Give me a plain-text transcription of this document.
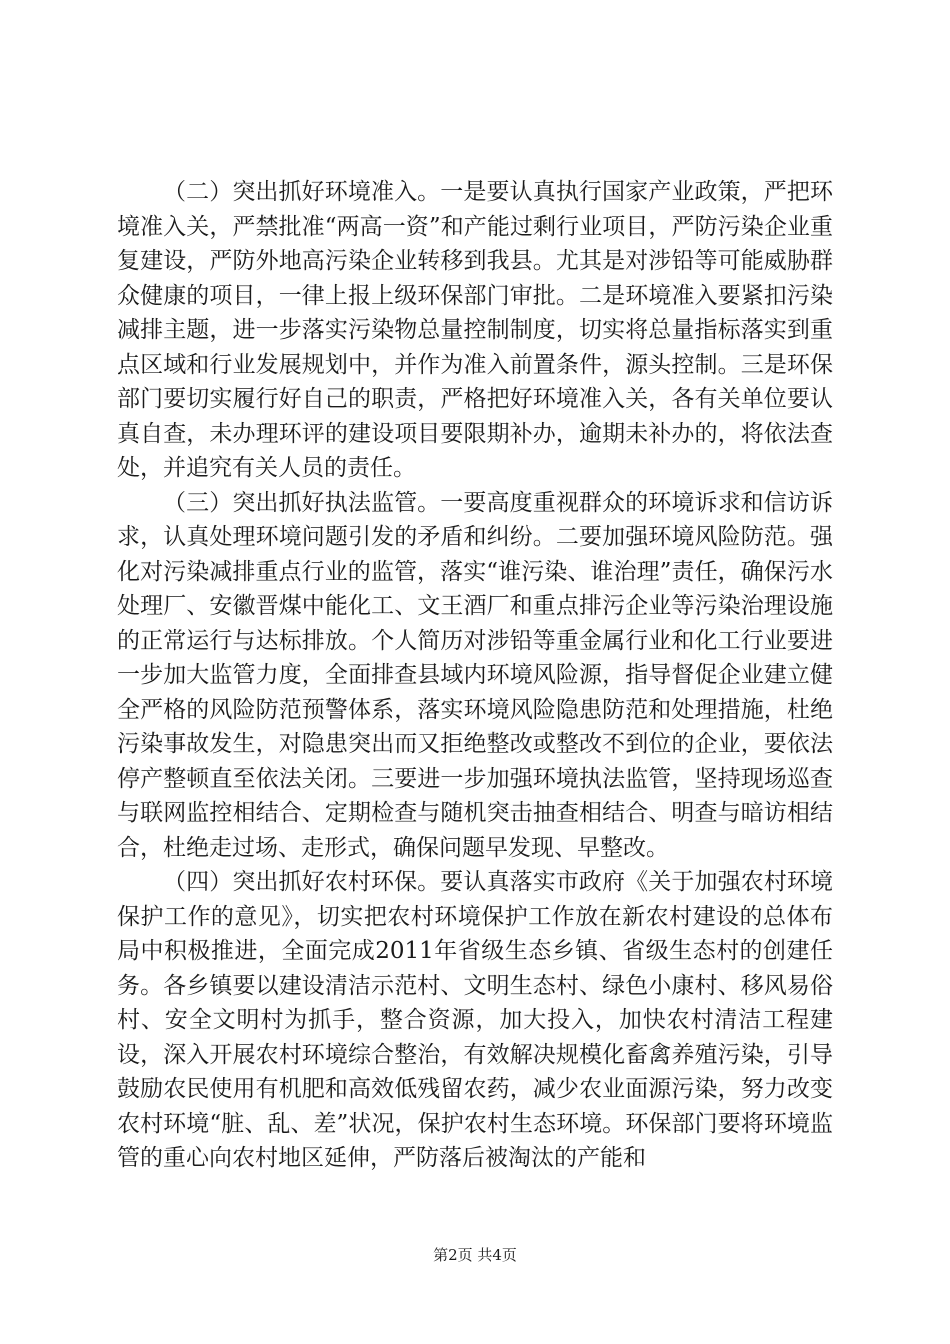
（二）突出抓好环境准入。一是要认真执行国家产业政策，严把环境准入关，严禁批准“两高一资”和产能过剩行业项目，严防污染企业重复建设，严防外地高污染企业转移到我县。尤其是对涉铅等可能威胁群众健康的项目，一律上报上级环保部门审批。二是环境准入要紧扣污染减排主题，进一步落实污染物总量控制制度，切实将总量指标落实到重点区域和行业发展规划中，并作为准入前置条件，源头控制。三是环保部门要切实履行好自己的职责，严格把好环境准入关，各有关单位要认真自查，未办理环评的建设项目要限期补办，逾期未补办的，将依法查处，并追究有关人员的责任。

（三）突出抓好执法监管。一要高度重视群众的环境诉求和信访诉求，认真处理环境问题引发的矛盾和纠纷。二要加强环境风险防范。强化对污染减排重点行业的监管，落实“谁污染、谁治理”责任，确保污水处理厂、安徽晋煤中能化工、文王酒厂和重点排污企业等污染治理设施的正常运行与达标排放。个人简历对涉铅等重金属行业和化工行业要进一步加大监管力度，全面排查县域内环境风险源，指导督促企业建立健全严格的风险防范预警体系，落实环境风险隐患防范和处理措施，杜绝污染事故发生，对隐患突出而又拒绝整改或整改不到位的企业，要依法停产整顿直至依法关闭。三要进一步加强环境执法监管，坚持现场巡查与联网监控相结合、定期检查与随机突击抽查相结合、明查与暗访相结合，杜绝走过场、走形式，确保问题早发现、早整改。

（四）突出抓好农村环保。要认真落实市政府《关于加强农村环境保护工作的意见》，切实把农村环境保护工作放在新农村建设的总体布局中积极推进，全面完成2011年省级生态乡镇、省级生态村的创建任务。各乡镇要以建设清洁示范村、文明生态村、绿色小康村、移风易俗村、安全文明村为抓手，整合资源，加大投入，加快农村清洁工程建设，深入开展农村环境综合整治，有效解决规模化畜禽养殖污染，引导鼓励农民使用有机肥和高效低残留农药，减少农业面源污染，努力改变农村环境“脏、乱、差”状况，保护农村生态环境。环保部门要将环境监管的重心向农村地区延伸，严防落后被淘汰的产能和

第2页 共4页
